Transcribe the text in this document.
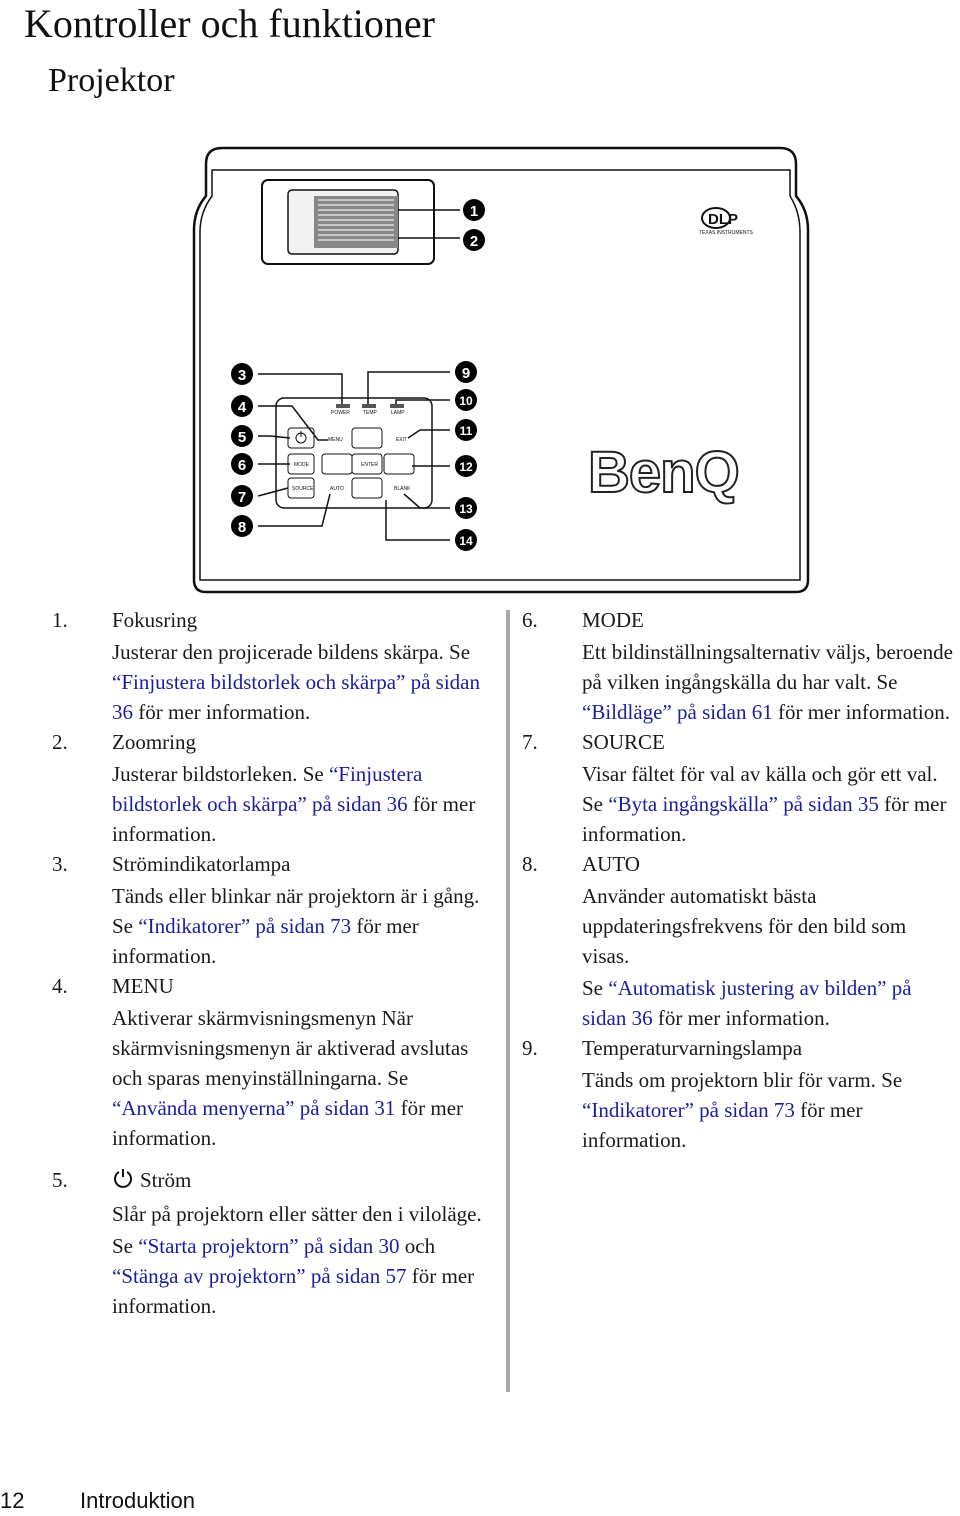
Kontroller och funktioner
Projektor
DLP
TEXAS INSTRUMENTS
BenQ
POWER	TEMP	LAMP
MENU	EXIT
MODE	ENTER
SOURCE	AUTO	BLANK
1
2
3
4
5
6
7
8
9
10
11
12
13
14
1.	Fokusring
Justerar den projicerade bildens skärpa. Se “Finjustera bildstorlek och skärpa” på sidan 36 för mer information.
2.	Zoomring
Justerar bildstorleken. Se “Finjustera bildstorlek och skärpa” på sidan 36 för mer information.
3.	Strömindikatorlampa
Tänds eller blinkar när projektorn är i gång. Se “Indikatorer” på sidan 73 för mer information.
4.	MENU
Aktiverar skärmvisningsmenyn När skärmvisningsmenyn är aktiverad avslutas och sparas menyinställningarna. Se “Använda menyerna” på sidan 31 för mer information.
5.	Ström
Slår på projektorn eller sätter den i viloläge.
Se “Starta projektorn” på sidan 30 och “Stänga av projektorn” på sidan 57 för mer information.
6.	MODE
Ett bildinställningsalternativ väljs, beroende på vilken ingångskälla du har valt. Se “Bildläge” på sidan 61 för mer information.
7.	SOURCE
Visar fältet för val av källa och gör ett val. Se “Byta ingångskälla” på sidan 35 för mer information.
8.	AUTO
Använder automatiskt bästa uppdateringsfrekvens för den bild som visas.
Se “Automatisk justering av bilden” på sidan 36 för mer information.
9.	Temperaturvarningslampa
Tänds om projektorn blir för varm. Se “Indikatorer” på sidan 73 för mer information.
12	Introduktion
